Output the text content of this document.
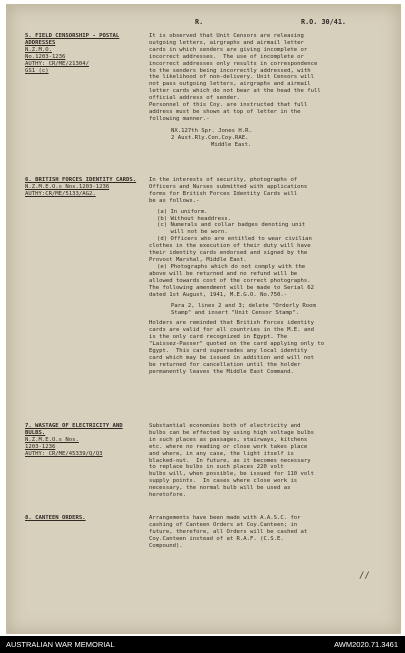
R.	R.O. 30/41.
5. FIELD CENSORSHIP - POSTAL ADDRESSES
N.Z.M.O.
No.1203-1236
AUTHY: CR/ME/21304/
GS1 (c)
It is observed that Unit Censors are releasing
outgoing letters, airgraphs and airmail letter
cards in which senders are giving incomplete or
incorrect addresses.  The use of incomplete or
incorrect addresses only results in correspondence
to the senders being incorrectly addressed, with
the likelihood of non-delivery. Unit Censors will
not pass outgoing letters, airgraphs and airmail
letter cards which do not bear at the head the full
official address of sender.
Personnel of this Coy. are instructed that full
address must be shown at top of letter in the
following manner.-
NX.127th Spr. Jones H.R.
2 Aust.Rly.Con.Coy.RAE.
Middle East.
6. BRITISH FORCES IDENTITY CARDS.
N.Z.M.E.O.s Nos.1203-1236
AUTHY:CR/ME/5133/AG2.
In the interests of security, photographs of
Officers and Nurses submitted with applications
forms for British Forces Identity Cards will
be as follows.-
(a) In uniform.
(b) Without headdress.
(c) Numerals and collar badges denoting unit
will not be worn.
(d) Officers who are entitled to wear civilian
clothes in the execution of their duty will have
their identity cards endorsed and signed by the
Provost Marshal, Middle East.
(e) Photographs which do not comply with the
above will be returned and no refund will be
allowed towards cost of the correct photographs.
The following amendment will be made to Serial 62
dated 1st August, 1941, M.E.G.O. No.750.-
Para 2, lines 2 and 3; delete "Orderly Room
Stamp" and insert "Unit Censor Stamp".
Holders are reminded that British Forces identity
cards are valid for all countries in the M.E. and
is the only card recognized in Egypt. The
"Laissez-Passer" quoted on the card applying only to
Egypt.  This card supersedes any local identity
card which may be issued in addition and will not
be returned for cancellation until the holder
permanently leaves the Middle East Command.
7. WASTAGE OF ELECTRICITY AND BULBS.
N.Z.M.E.O.s Nos.
1203-1236
AUTHY: CR/ME/45339/Q/Q3
Substantial economies both of electricity and
bulbs can be effected by using high voltage bulbs
in such places as passages, stairways, kitchens
etc. where no reading or close work takes place
and where, in any case, the light itself is
blacked-out.  In future, as it becomes necessary
to replace bulbs in such places 220 volt
bulbs will, when possible, be issued for 110 volt
supply points.  In cases where close work is
necessary, the normal bulb will be used as
heretofore.
8. CANTEEN ORDERS.	Arrangements have been made with A.A.S.C. for
cashing of Canteen Orders at Coy.Canteen; in
future, therefore, all Orders will be cashed at
Coy.Canteen instead of at R.A.F. (C.S.E.
Compound).
//
AUSTRALIAN WAR MEMORIAL	AWM2020.71.3461
